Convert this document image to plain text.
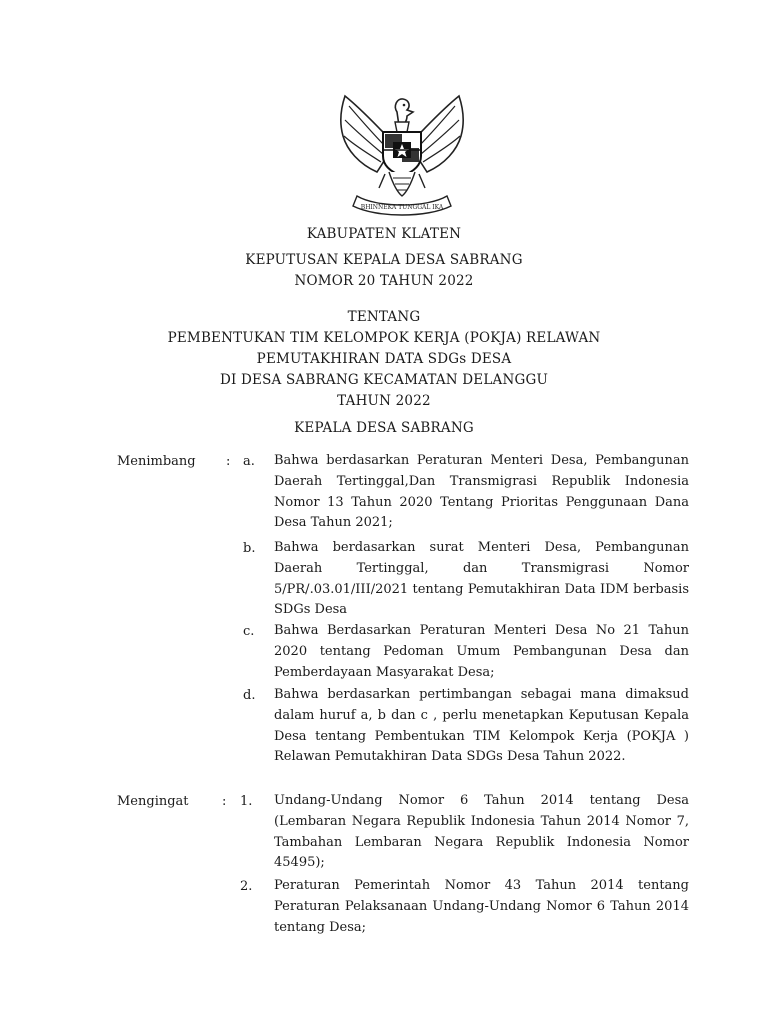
BHINNEKA TUNGGAL IKA
KABUPATEN KLATEN
KEPUTUSAN KEPALA DESA SABRANG
NOMOR 20 TAHUN 2022
TENTANG
PEMBENTUKAN TIM KELOMPOK KERJA (POKJA) RELAWAN
PEMUTAKHIRAN DATA SDGs DESA
DI DESA SABRANG KECAMATAN DELANGGU
TAHUN 2022
KEPALA DESA SABRANG
Menimbang : a. Bahwa berdasarkan Peraturan Menteri Desa, Pembangunan Daerah Tertinggal,Dan Transmigrasi Republik Indonesia Nomor 13 Tahun 2020 Tentang Prioritas Penggunaan Dana Desa Tahun 2021;

b. Bahwa berdasarkan surat Menteri Desa, Pembangunan Daerah Tertinggal, dan Transmigrasi Nomor 5/PR/.03.01/III/2021 tentang Pemutakhiran Data IDM berbasis SDGs Desa

c. Bahwa Berdasarkan Peraturan Menteri Desa No 21 Tahun 2020 tentang Pedoman Umum Pembangunan Desa dan Pemberdayaan Masyarakat Desa;

d. Bahwa berdasarkan pertimbangan sebagai mana dimaksud dalam huruf a, b dan c , perlu menetapkan Keputusan Kepala Desa tentang Pembentukan TIM Kelompok Kerja (POKJA ) Relawan Pemutakhiran Data SDGs Desa Tahun 2022.

Mengingat	: 1. Undang-Undang Nomor 6 Tahun 2014 tentang Desa (Lembaran Negara Republik Indonesia Tahun 2014 Nomor 7, Tambahan Lembaran Negara Republik Indonesia Nomor 45495);

2. Peraturan Pemerintah Nomor 43 Tahun 2014 tentang Peraturan Pelaksanaan Undang-Undang Nomor 6 Tahun 2014 tentang Desa;
